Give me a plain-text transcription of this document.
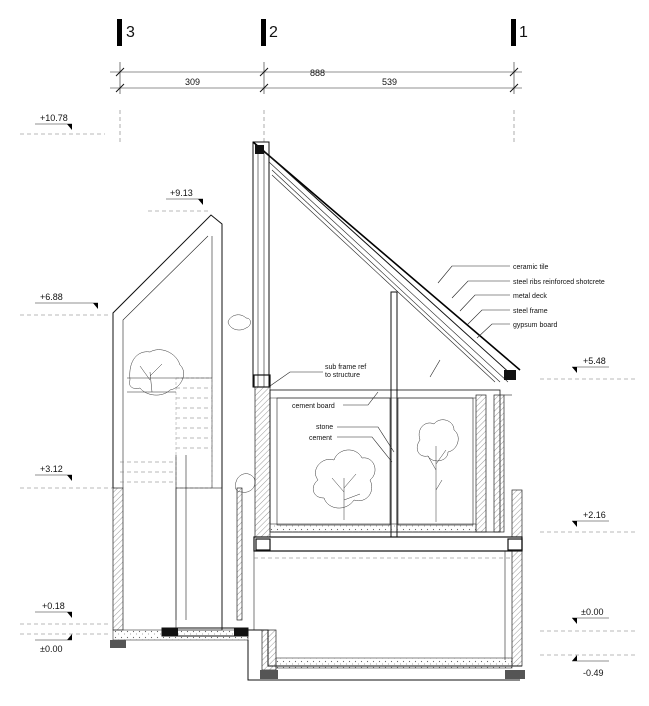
3	2	1
888
309	539
+10.78
+9.13
+6.88
+3.12
+0.18
±0.00
+5.48
+2.16
±0.00
-0.49
ceramic tile
steel ribs reinforced shotcrete
metal deck
steel frame
gypsum board
sub frame ref
to structure
cement board
stone
cement
